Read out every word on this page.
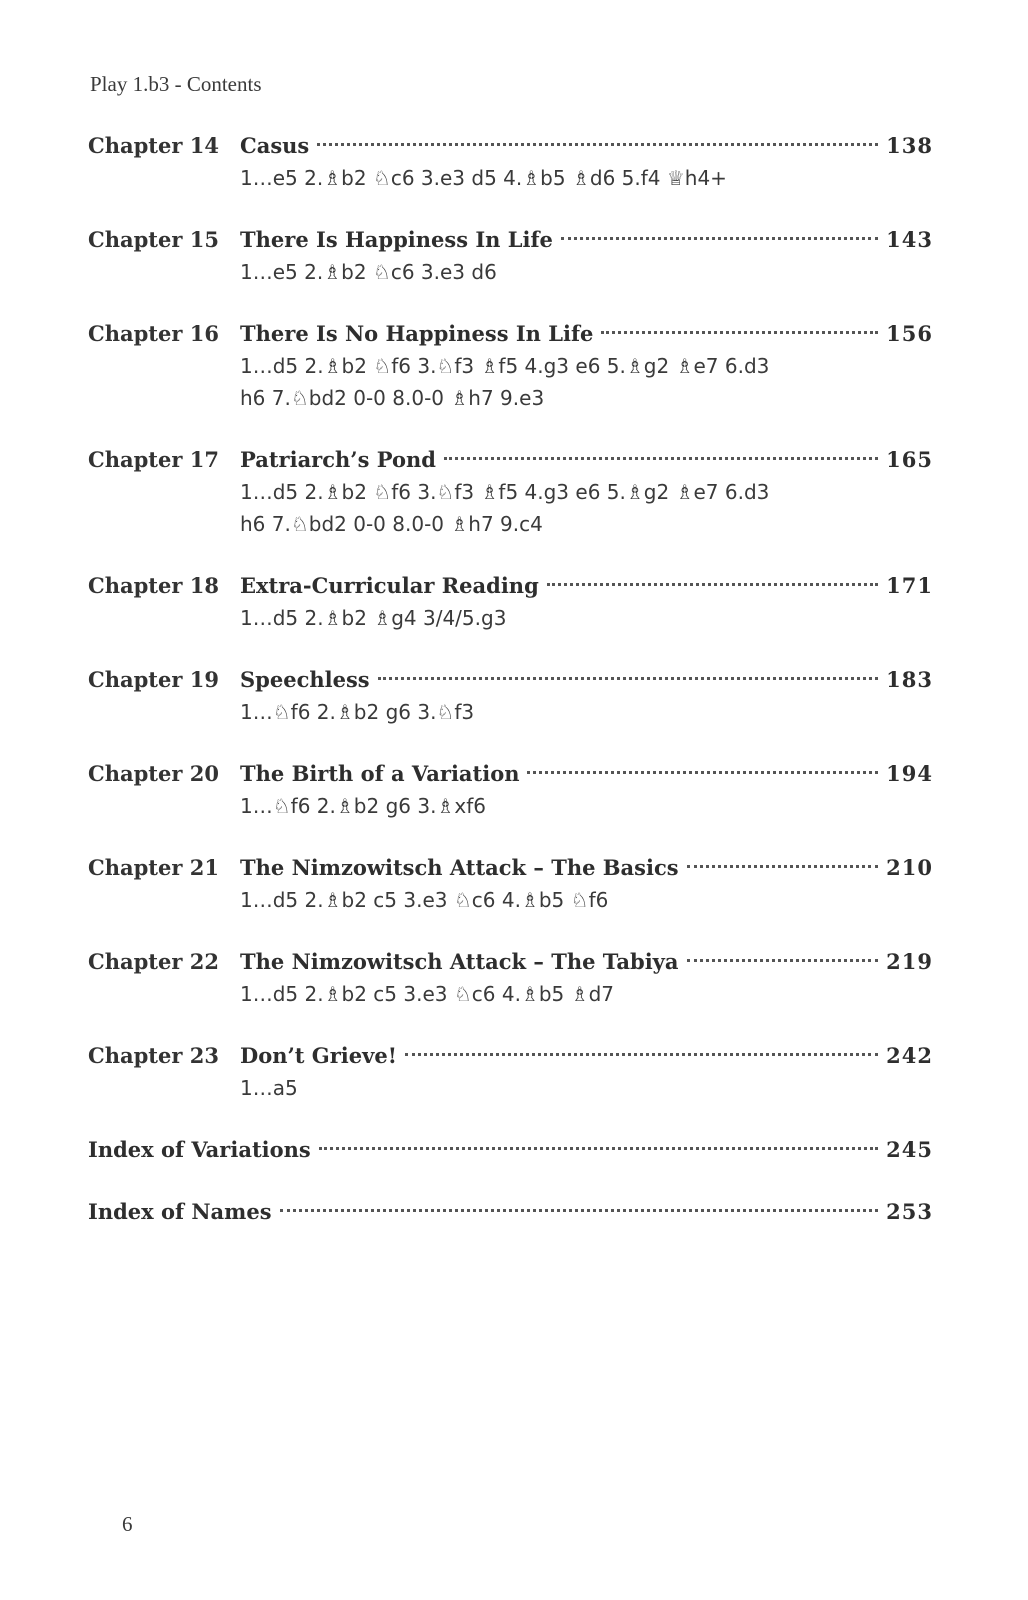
Play 1.b3 - Contents
Chapter 14	Casus	138
1…e5 2.♗b2 ♘c6 3.e3 d5 4.♗b5 ♗d6 5.f4 ♕h4+
Chapter 15	There Is Happiness In Life	143
1…e5 2.♗b2 ♘c6 3.e3 d6
Chapter 16	There Is No Happiness In Life	156
1…d5 2.♗b2 ♘f6 3.♘f3 ♗f5 4.g3 e6 5.♗g2 ♗e7 6.d3
h6 7.♘bd2 0-0 8.0-0 ♗h7 9.e3
Chapter 17	Patriarch’s Pond	165
1…d5 2.♗b2 ♘f6 3.♘f3 ♗f5 4.g3 e6 5.♗g2 ♗e7 6.d3
h6 7.♘bd2 0-0 8.0-0 ♗h7 9.c4
Chapter 18	Extra-Curricular Reading	171
1…d5 2.♗b2 ♗g4 3/4/5.g3
Chapter 19	Speechless	183
1…♘f6 2.♗b2 g6 3.♘f3
Chapter 20	The Birth of a Variation	194
1…♘f6 2.♗b2 g6 3.♗xf6
Chapter 21	The Nimzowitsch Attack – The Basics	210
1…d5 2.♗b2 c5 3.e3 ♘c6 4.♗b5 ♘f6
Chapter 22	The Nimzowitsch Attack – The Tabiya	219
1…d5 2.♗b2 c5 3.e3 ♘c6 4.♗b5 ♗d7
Chapter 23	Don’t Grieve!	242
1…a5
Index of Variations	245
Index of Names	253
6
